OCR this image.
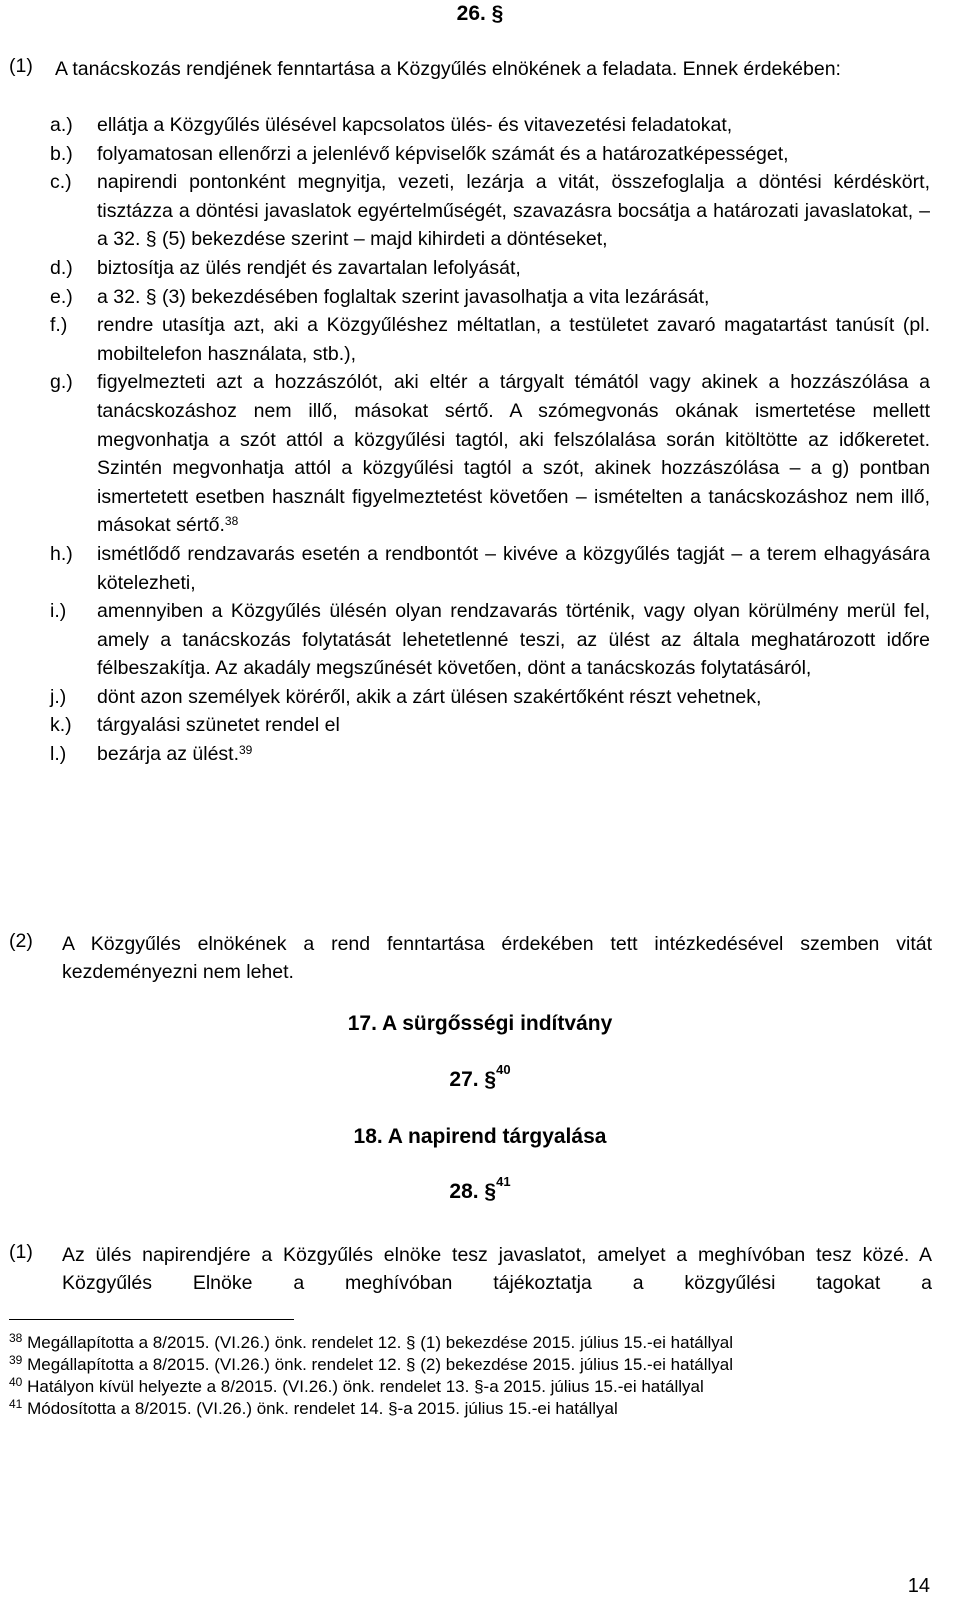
26. §
(1) A tanácskozás rendjének fenntartása a Közgyűlés elnökének a feladata. Ennek érdekében:
a.)	ellátja a Közgyűlés ülésével kapcsolatos ülés- és vitavezetési feladatokat,
b.)	folyamatosan ellenőrzi a jelenlévő képviselők számát és a határozatképességet,
c.)	napirendi pontonként megnyitja, vezeti, lezárja a vitát, összefoglalja a döntési kérdéskört, tisztázza a döntési javaslatok egyértelműségét, szavazásra bocsátja a határozati javaslatokat, – a 32. § (5) bekezdése szerint – majd kihirdeti a döntéseket,
d.)	biztosítja az ülés rendjét és zavartalan lefolyását,
e.)	a 32. § (3) bekezdésében foglaltak szerint javasolhatja a vita lezárását,
f.)	rendre utasítja azt, aki a Közgyűléshez méltatlan, a testületet zavaró magatartást tanúsít (pl. mobiltelefon használata, stb.),
g.)	figyelmezteti azt a hozzászólót, aki eltér a tárgyalt témától vagy akinek a hozzászólása a tanácskozáshoz nem illő, másokat sértő. A szómegvonás okának ismertetése mellett megvonhatja a szót attól a közgyűlési tagtól, aki felszólalása során kitöltötte az időkeretet. Szintén megvonhatja attól a közgyűlési tagtól a szót, akinek hozzászólása – a g) pontban ismertetett esetben használt figyelmeztetést követően – ismételten a tanácskozáshoz nem illő, másokat sértő.$^{38}$
h.)	ismétlődő rendzavarás esetén a rendbontót – kivéve a közgyűlés tagját – a terem elhagyására kötelezheti,
i.)	amennyiben a Közgyűlés ülésén olyan rendzavarás történik, vagy olyan körülmény merül fel, amely a tanácskozás folytatását lehetetlenné teszi, az ülést az általa meghatározott időre félbeszakítja. Az akadály megszűnését követően, dönt a tanácskozás folytatásáról,
j.)	dönt azon személyek köréről, akik a zárt ülésen szakértőként részt vehetnek,
k.)	tárgyalási szünetet rendel el
l.)	bezárja az ülést.$^{39}$
(2) A Közgyűlés elnökének a rend fenntartása érdekében tett intézkedésével szemben vitát kezdeményezni nem lehet.
17. A sürgősségi indítvány
27. §$^{40}$
18. A napirend tárgyalása
28. §$^{41}$
(1) Az ülés napirendjére a Közgyűlés elnöke tesz javaslatot, amelyet a meghívóban tesz közé. A Közgyűlés Elnöke a meghívóban tájékoztatja a közgyűlési tagokat a
$^{38}$ Megállapította a 8/2015. (VI.26.) önk. rendelet 12. § (1) bekezdése 2015. július 15.-ei hatállyal
$^{39}$ Megállapította a 8/2015. (VI.26.) önk. rendelet 12. § (2) bekezdése 2015. július 15.-ei hatállyal
$^{40}$ Hatályon kívül helyezte a 8/2015. (VI.26.) önk. rendelet 13. §-a 2015. július 15.-ei hatállyal
$^{41}$ Módosította a 8/2015. (VI.26.) önk. rendelet 14. §-a 2015. július 15.-ei hatállyal
14
